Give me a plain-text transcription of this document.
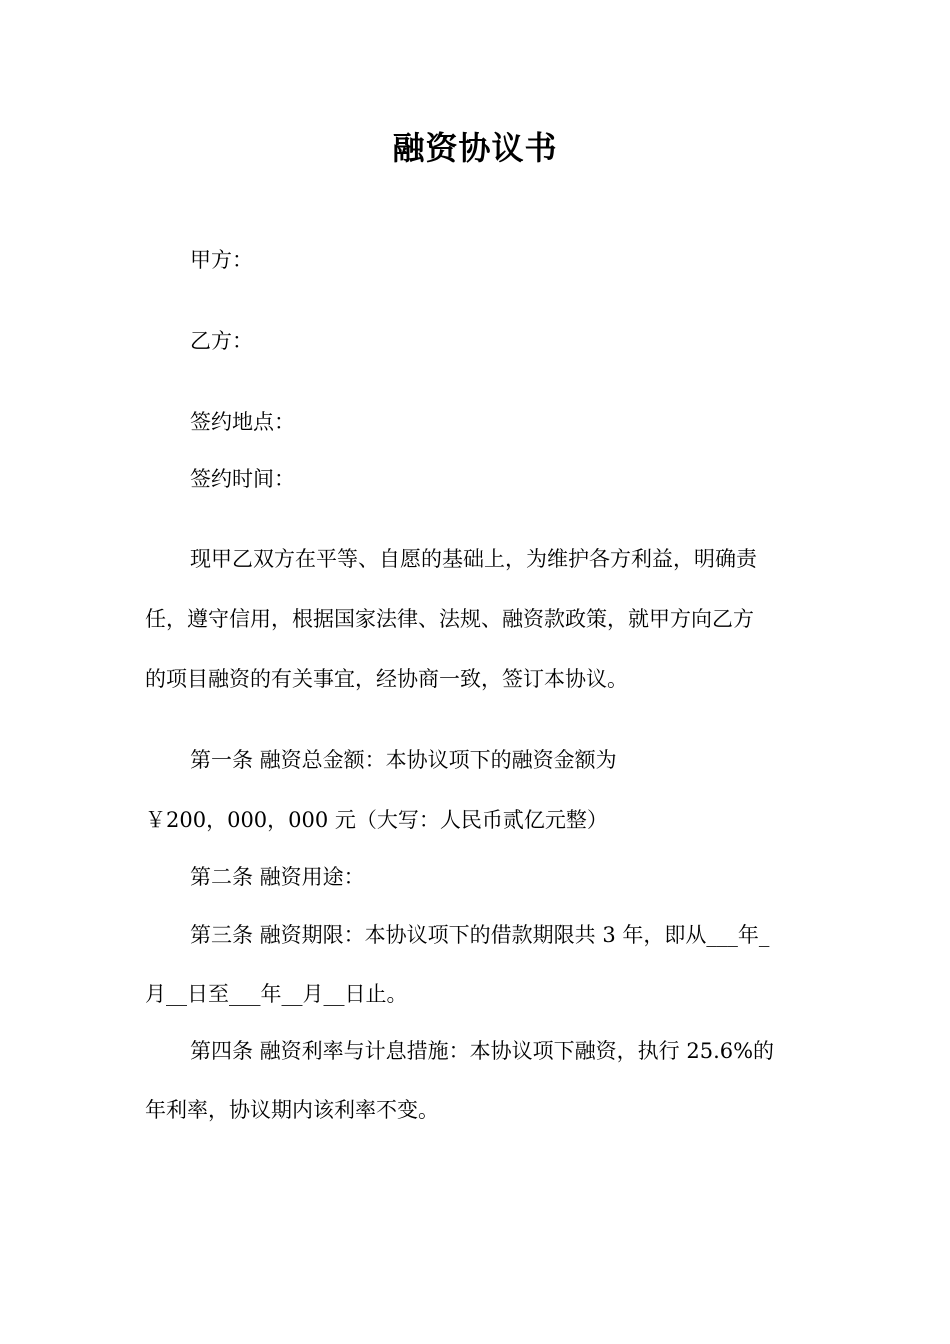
融资协议书
甲方：
乙方：
签约地点：
签约时间：
现甲乙双方在平等、自愿的基础上，为维护各方利益，明确责
任，遵守信用，根据国家法律、法规、融资款政策，就甲方向乙方
的项目融资的有关事宜，经协商一致，签订本协议。
第一条 融资总金额：本协议项下的融资金额为
￥200，000，000 元（大写：人民币贰亿元整）
第二条 融资用途：
第三条 融资期限：本协议项下的借款期限共 3 年，即从___年_
月__日至___年__月__日止。
第四条 融资利率与计息措施：本协议项下融资，执行 25.6%的
年利率，协议期内该利率不变。
